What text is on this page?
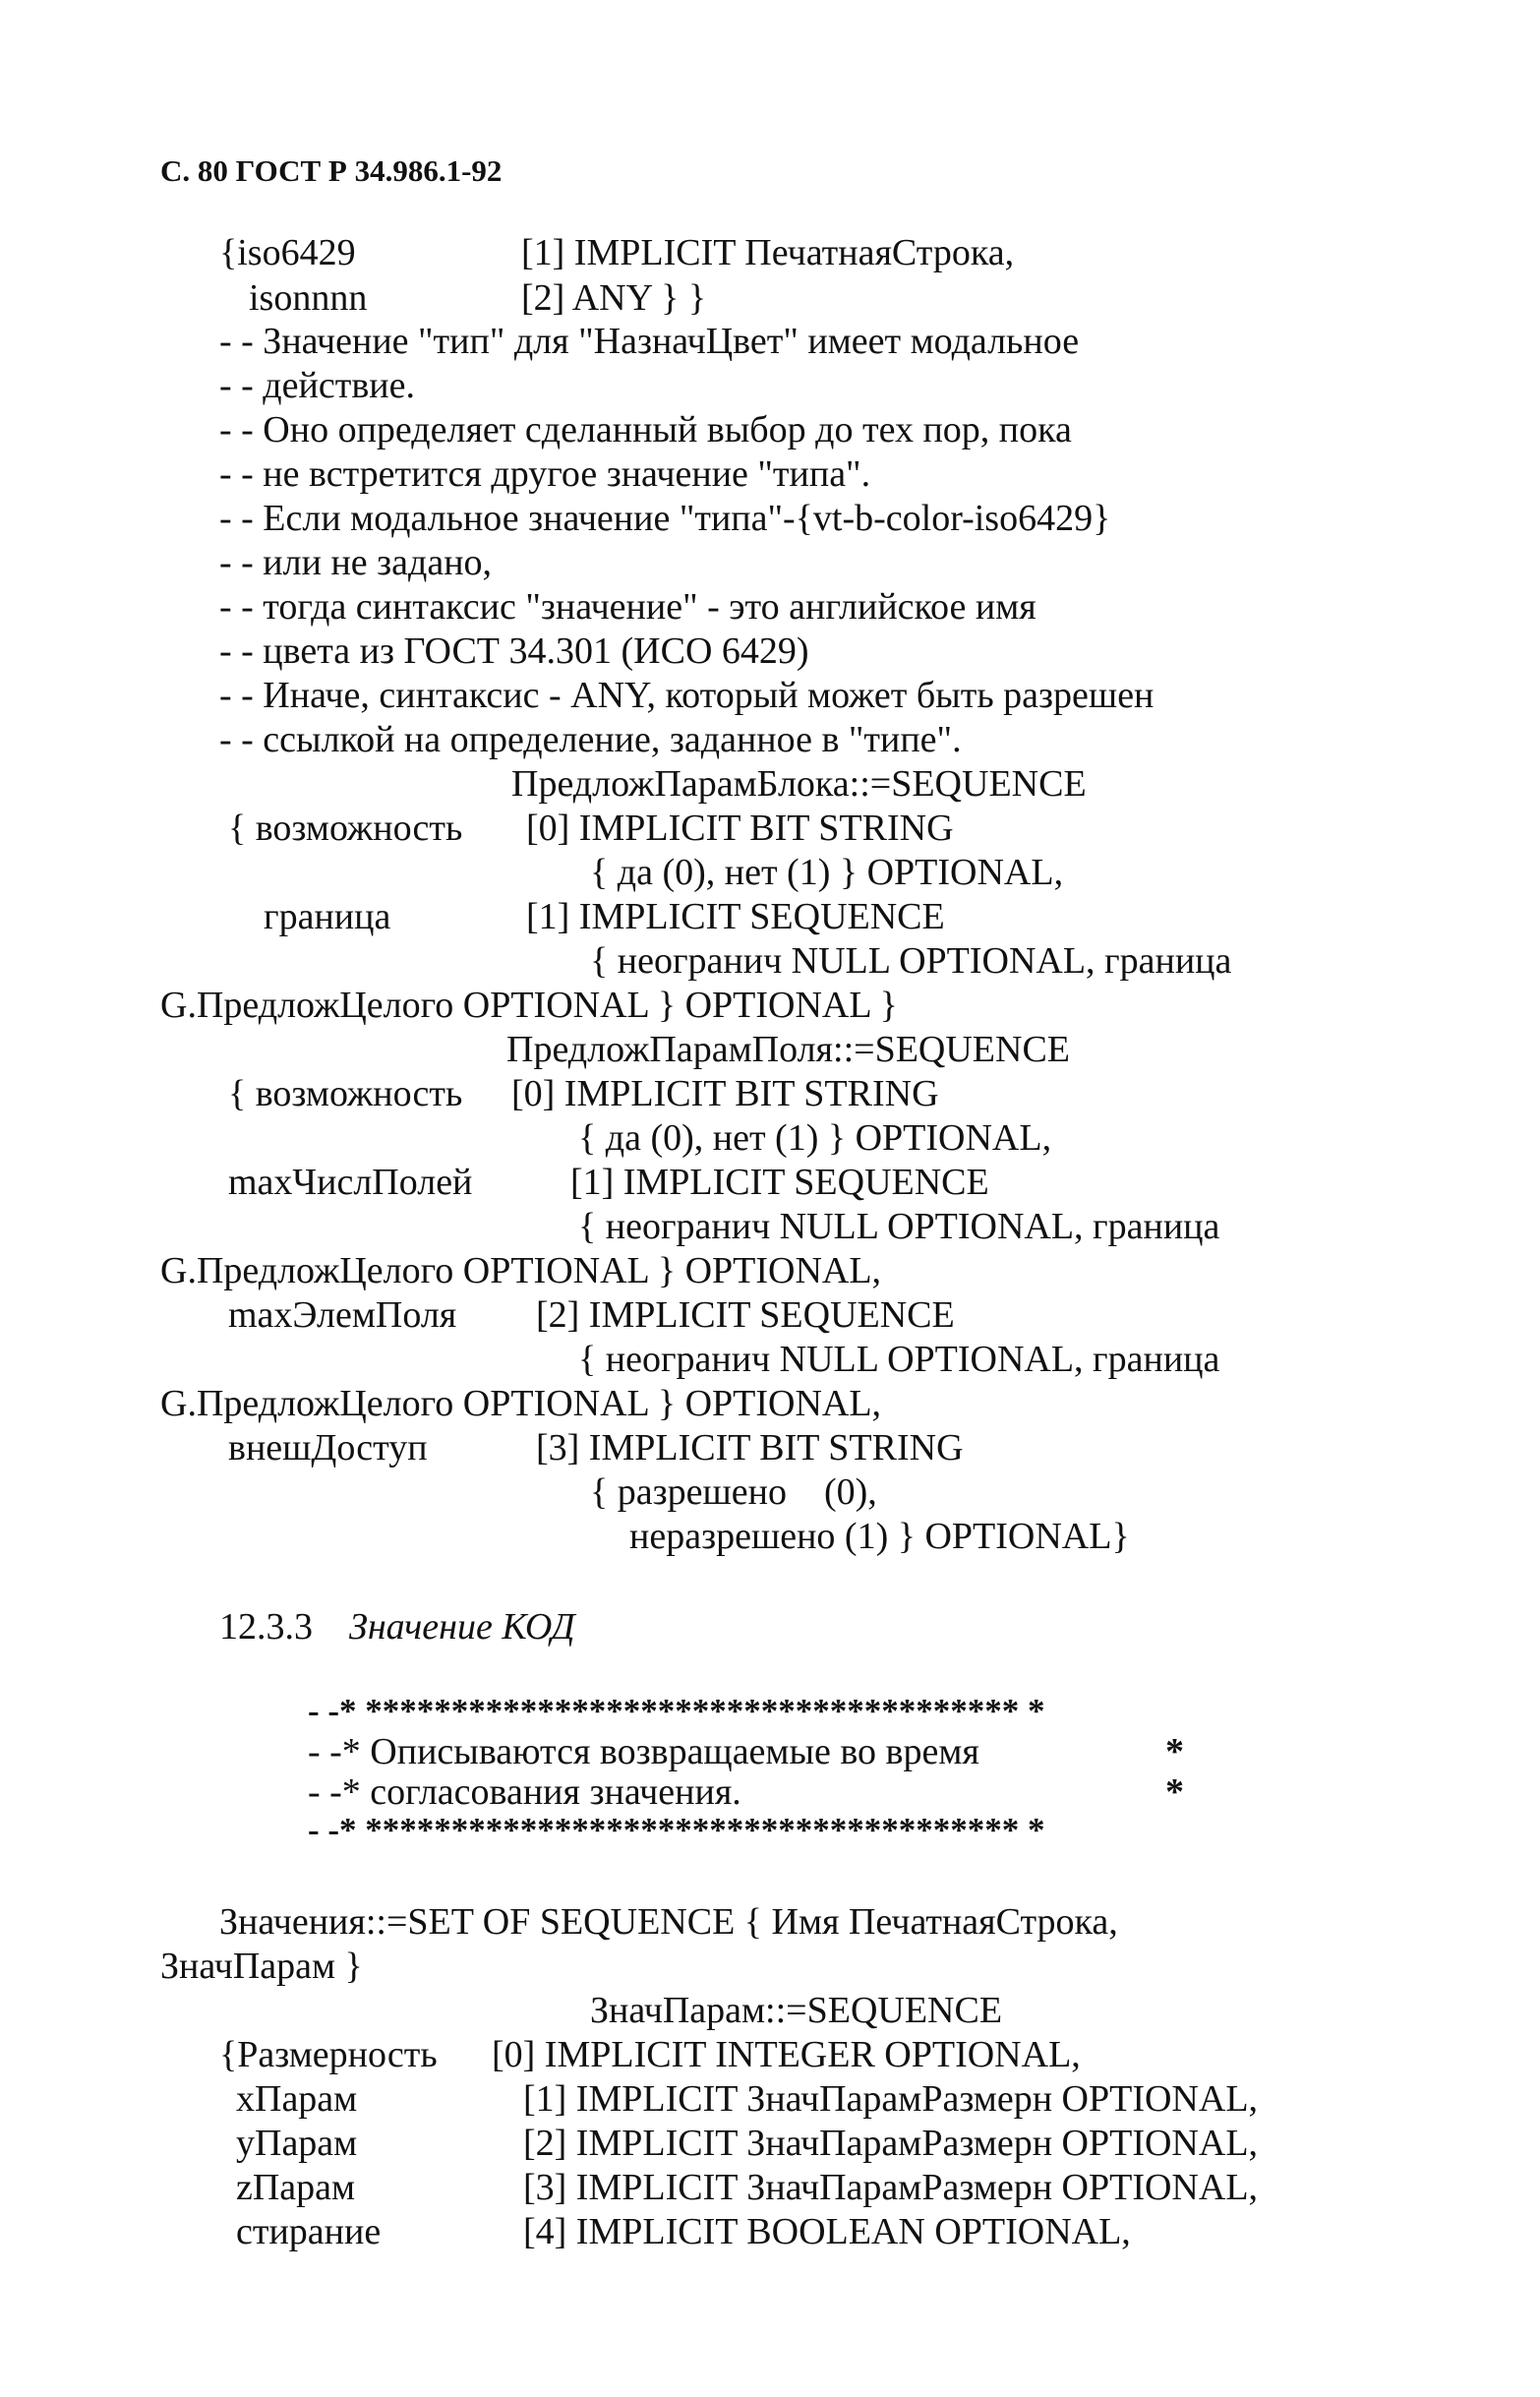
С. 80 ГОСТ Р 34.986.1-92
{iso6429	[1] IMPLICIT ПечатнаяСтрока,
isonnnn	[2] ANY } }
- - Значение "тип" для "НазначЦвет" имеет модальное
- - действие.
- - Оно определяет сделанный выбор до тех пор, пока
- - не встретится другое значение "типа".
- - Если модальное значение "типа"-{vt-b-color-iso6429}
- - или не задано,
- - тогда синтаксис "значение" - это английское имя
- - цвета из ГОСТ 34.301 (ИСО 6429)
- - Иначе, синтаксис - ANY, который может быть разрешен
- - ссылкой на определение, заданное в "типе".
ПредложПарамБлока::=SEQUENCE
{ возможность [0] IMPLICIT BIT STRING
{ да (0), нет (1) } OPTIONAL,
граница	[1] IMPLICIT SEQUENCE
{ неогранич NULL OPTIONAL, граница
G.ПредложЦелого OPTIONAL } OPTIONAL }
ПредложПарамПоля::=SEQUENCE
{ возможность [0] IMPLICIT BIT STRING
{ да (0), нет (1) } OPTIONAL,
maxЧислПолей	[1] IMPLICIT SEQUENCE
{ неогранич NULL OPTIONAL, граница
G.ПредложЦелого OPTIONAL } OPTIONAL,
maxЭлемПоля [2] IMPLICIT SEQUENCE
{ неогранич NULL OPTIONAL, граница
G.ПредложЦелого OPTIONAL } OPTIONAL,
внешДоступ	[3] IMPLICIT BIT STRING
{ разрешено    (0),
неразрешено (1) } OPTIONAL}
12.3.3 Значение КОД
- -* ************************************** *
- -* Описываются возвращаемые во время	*
- -* согласования значения.	*
- -* ************************************** *
Значения::=SET OF SEQUENCE { Имя ПечатнаяСтрока,
ЗначПарам }
ЗначПарам::=SEQUENCE
{Размерность [0] IMPLICIT INTEGER OPTIONAL,
xПарам	[1] IMPLICIT ЗначПарамРазмерн OPTIONAL,
yПарам	[2] IMPLICIT ЗначПарамРазмерн OPTIONAL,
zПарам	[3] IMPLICIT ЗначПарамРазмерн OPTIONAL,
стирание	[4] IMPLICIT BOOLEAN OPTIONAL,
